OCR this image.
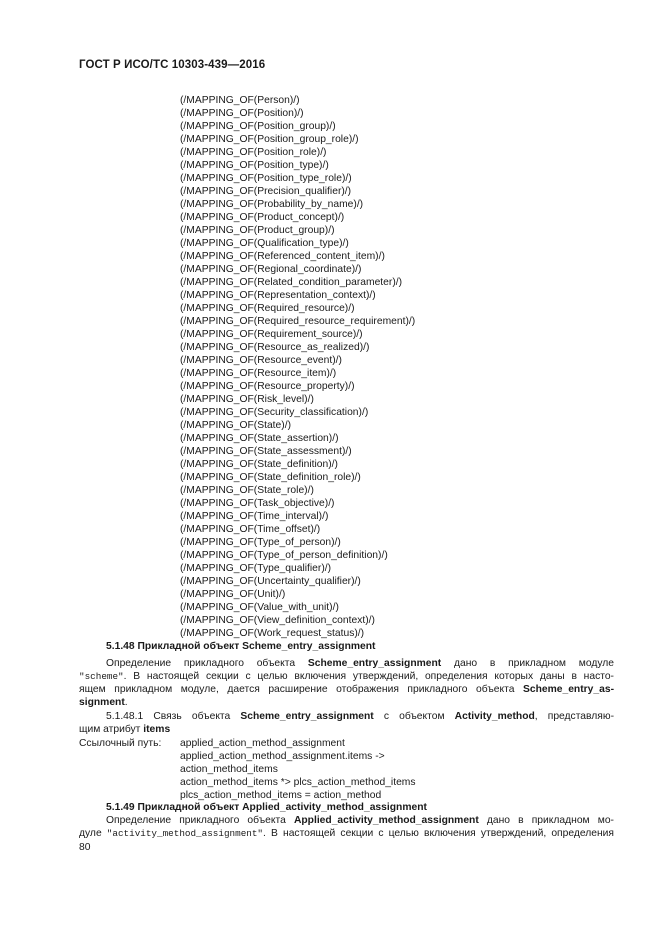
ГОСТ Р ИСО/ТС 10303-439—2016
(/MAPPING_OF(Person)/)
(/MAPPING_OF(Position)/)
(/MAPPING_OF(Position_group)/)
(/MAPPING_OF(Position_group_role)/)
(/MAPPING_OF(Position_role)/)
(/MAPPING_OF(Position_type)/)
(/MAPPING_OF(Position_type_role)/)
(/MAPPING_OF(Precision_qualifier)/)
(/MAPPING_OF(Probability_by_name)/)
(/MAPPING_OF(Product_concept)/)
(/MAPPING_OF(Product_group)/)
(/MAPPING_OF(Qualification_type)/)
(/MAPPING_OF(Referenced_content_item)/)
(/MAPPING_OF(Regional_coordinate)/)
(/MAPPING_OF(Related_condition_parameter)/)
(/MAPPING_OF(Representation_context)/)
(/MAPPING_OF(Required_resource)/)
(/MAPPING_OF(Required_resource_requirement)/)
(/MAPPING_OF(Requirement_source)/)
(/MAPPING_OF(Resource_as_realized)/)
(/MAPPING_OF(Resource_event)/)
(/MAPPING_OF(Resource_item)/)
(/MAPPING_OF(Resource_property)/)
(/MAPPING_OF(Risk_level)/)
(/MAPPING_OF(Security_classification)/)
(/MAPPING_OF(State)/)
(/MAPPING_OF(State_assertion)/)
(/MAPPING_OF(State_assessment)/)
(/MAPPING_OF(State_definition)/)
(/MAPPING_OF(State_definition_role)/)
(/MAPPING_OF(State_role)/)
(/MAPPING_OF(Task_objective)/)
(/MAPPING_OF(Time_interval)/)
(/MAPPING_OF(Time_offset)/)
(/MAPPING_OF(Type_of_person)/)
(/MAPPING_OF(Type_of_person_definition)/)
(/MAPPING_OF(Type_qualifier)/)
(/MAPPING_OF(Uncertainty_qualifier)/)
(/MAPPING_OF(Unit)/)
(/MAPPING_OF(Value_with_unit)/)
(/MAPPING_OF(View_definition_context)/)
(/MAPPING_OF(Work_request_status)/)
5.1.48 Прикладной объект Scheme_entry_assignment
Определение прикладного объекта Scheme_entry_assignment дано в прикладном модуле
"scheme". В настоящей секции с целью включения утверждений, определения которых даны в насто-
ящем прикладном модуле, дается расширение отображения прикладного объекта Scheme_entry_as-
signment.
5.1.48.1 Связь объекта Scheme_entry_assignment с объектом Activity_method, представляю-
щим атрибут items
Ссылочный путь: applied_action_method_assignment
applied_action_method_assignment.items ->
action_method_items
action_method_items *> plcs_action_method_items
plcs_action_method_items = action_method
5.1.49 Прикладной объект Applied_activity_method_assignment
Определение прикладного объекта Applied_activity_method_assignment дано в прикладном мо-
дуле "activity_method_assignment". В настоящей секции с целью включения утверждений, определения
80
